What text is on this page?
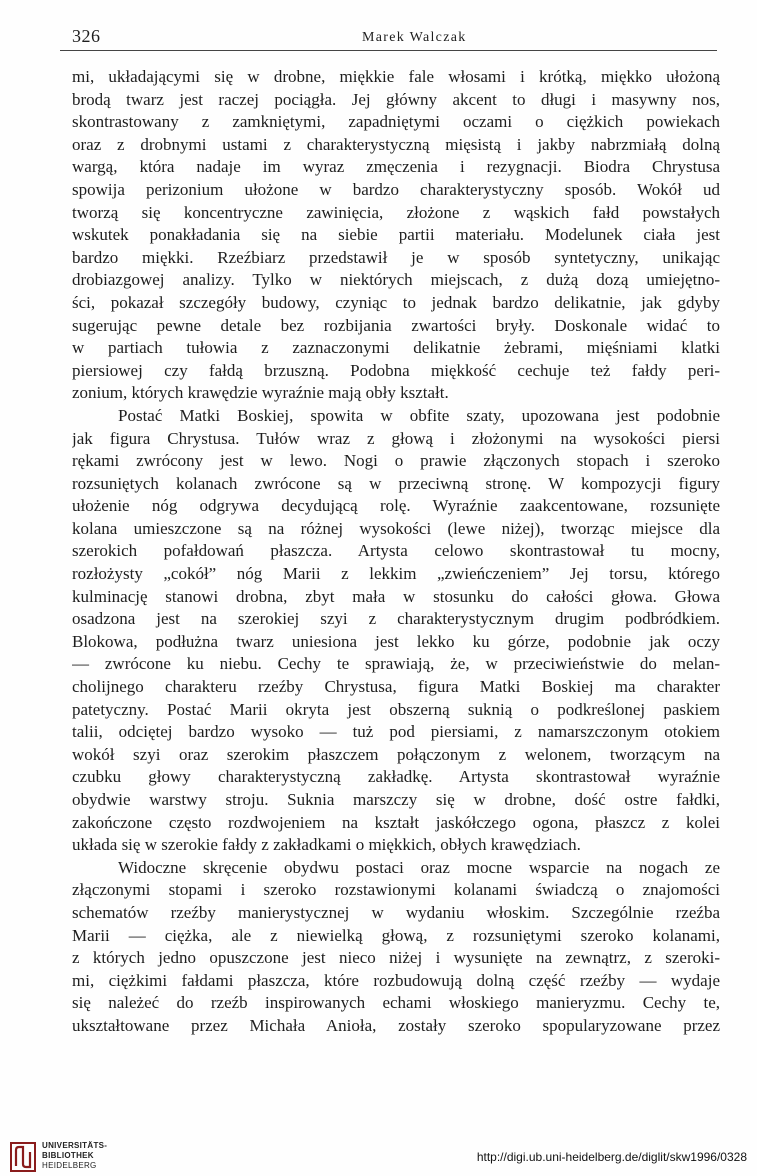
326	Marek Walczak
mi, układającymi się w drobne, miękkie fale włosami i krótką, miękko ułożoną
brodą twarz jest raczej pociągła. Jej główny akcent to długi i masywny nos,
skontrastowany z zamkniętymi, zapadniętymi oczami o ciężkich powiekach
oraz z drobnymi ustami z charakterystyczną mięsistą i jakby nabrzmiałą dolną
wargą, która nadaje im wyraz zmęczenia i rezygnacji. Biodra Chrystusa
spowija perizonium ułożone w bardzo charakterystyczny sposób. Wokół ud
tworzą się koncentryczne zawinięcia, złożone z wąskich fałd powstałych
wskutek ponakładania się na siebie partii materiału. Modelunek ciała jest
bardzo miękki. Rzeźbiarz przedstawił je w sposób syntetyczny, unikając
drobiazgowej analizy. Tylko w niektórych miejscach, z dużą dozą umiejętno-
ści, pokazał szczegóły budowy, czyniąc to jednak bardzo delikatnie, jak gdyby
sugerując pewne detale bez rozbijania zwartości bryły. Doskonale widać to
w partiach tułowia z zaznaczonymi delikatnie żebrami, mięśniami klatki
piersiowej czy fałdą brzuszną. Podobna miękkość cechuje też fałdy peri-
zonium, których krawędzie wyraźnie mają obły kształt.
Postać Matki Boskiej, spowita w obfite szaty, upozowana jest podobnie
jak figura Chrystusa. Tułów wraz z głową i złożonymi na wysokości piersi
rękami zwrócony jest w lewo. Nogi o prawie złączonych stopach i szeroko
rozsuniętych kolanach zwrócone są w przeciwną stronę. W kompozycji figury
ułożenie nóg odgrywa decydującą rolę. Wyraźnie zaakcentowane, rozsunięte
kolana umieszczone są na różnej wysokości (lewe niżej), tworząc miejsce dla
szerokich pofałdowań płaszcza. Artysta celowo skontrastował tu mocny,
rozłożysty „cokół” nóg Marii z lekkim „zwieńczeniem” Jej torsu, którego
kulminację stanowi drobna, zbyt mała w stosunku do całości głowa. Głowa
osadzona jest na szerokiej szyi z charakterystycznym drugim podbródkiem.
Blokowa, podłużna twarz uniesiona jest lekko ku górze, podobnie jak oczy
— zwrócone ku niebu. Cechy te sprawiają, że, w przeciwieństwie do melan-
cholijnego charakteru rzeźby Chrystusa, figura Matki Boskiej ma charakter
patetyczny. Postać Marii okryta jest obszerną suknią o podkreślonej paskiem
talii, odciętej bardzo wysoko — tuż pod piersiami, z namarszczonym otokiem
wokół szyi oraz szerokim płaszczem połączonym z welonem, tworzącym na
czubku głowy charakterystyczną zakładkę. Artysta skontrastował wyraźnie
obydwie warstwy stroju. Suknia marszczy się w drobne, dość ostre fałdki,
zakończone często rozdwojeniem na kształt jaskółczego ogona, płaszcz z kolei
układa się w szerokie fałdy z zakładkami o miękkich, obłych krawędziach.
Widoczne skręcenie obydwu postaci oraz mocne wsparcie na nogach ze
złączonymi stopami i szeroko rozstawionymi kolanami świadczą o znajomości
schematów rzeźby manierystycznej w wydaniu włoskim. Szczególnie rzeźba
Marii — ciężka, ale z niewielką głową, z rozsuniętymi szeroko kolanami,
z których jedno opuszczone jest nieco niżej i wysunięte na zewnątrz, z szeroki-
mi, ciężkimi fałdami płaszcza, które rozbudowują dolną część rzeźby — wydaje
się należeć do rzeźb inspirowanych echami włoskiego manieryzmu. Cechy te,
ukształtowane przez Michała Anioła, zostały szeroko spopularyzowane przez
UNIVERSITÄTS-
BIBLIOTHEK
HEIDELBERG
http://digi.ub.uni-heidelberg.de/diglit/skw1996/0328
